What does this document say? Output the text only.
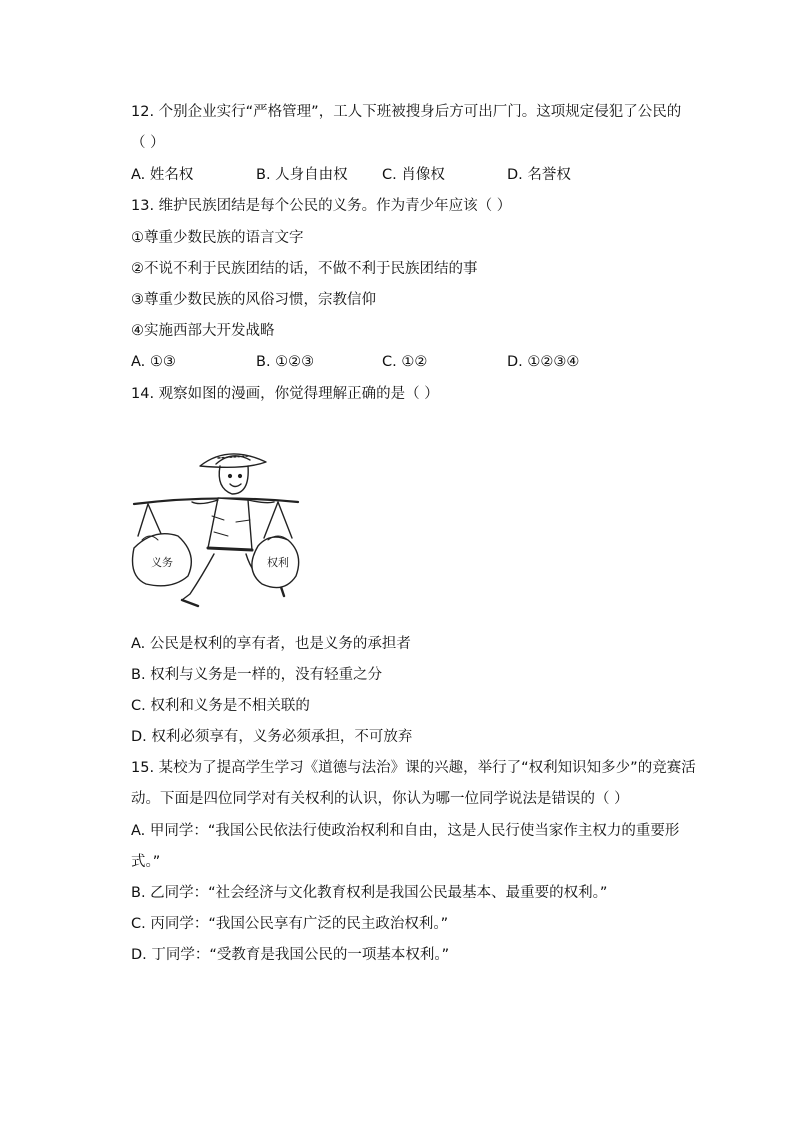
12. 个别企业实行“严格管理”，工人下班被搜身后方可出厂门。这项规定侵犯了公民的
（ ）
A. 姓名权	B. 人身自由权 C. 肖像权	D. 名誉权
13. 维护民族团结是每个公民的义务。作为青少年应该（ ）
①尊重少数民族的语言文字
②不说不利于民族团结的话，不做不利于民族团结的事
③尊重少数民族的风俗习惯，宗教信仰
④实施西部大开发战略
A. ①③	B. ①②③	C. ①②	D. ①②③④
14. 观察如图的漫画，你觉得理解正确的是（ ）
义务	权利
A. 公民是权利的享有者，也是义务的承担者
B. 权利与义务是一样的，没有轻重之分
C. 权利和义务是不相关联的
D. 权利必须享有，义务必须承担，不可放弃
15. 某校为了提高学生学习《道德与法治》课的兴趣，举行了“权利知识知多少”的竞赛活
动。下面是四位同学对有关权利的认识，你认为哪一位同学说法是错误的（ ）
A. 甲同学：“我国公民依法行使政治权利和自由，这是人民行使当家作主权力的重要形
式。”
B. 乙同学：“社会经济与文化教育权利是我国公民最基本、最重要的权利。”
C. 丙同学：“我国公民享有广泛的民主政治权利。”
D. 丁同学：“受教育是我国公民的一项基本权利。”
